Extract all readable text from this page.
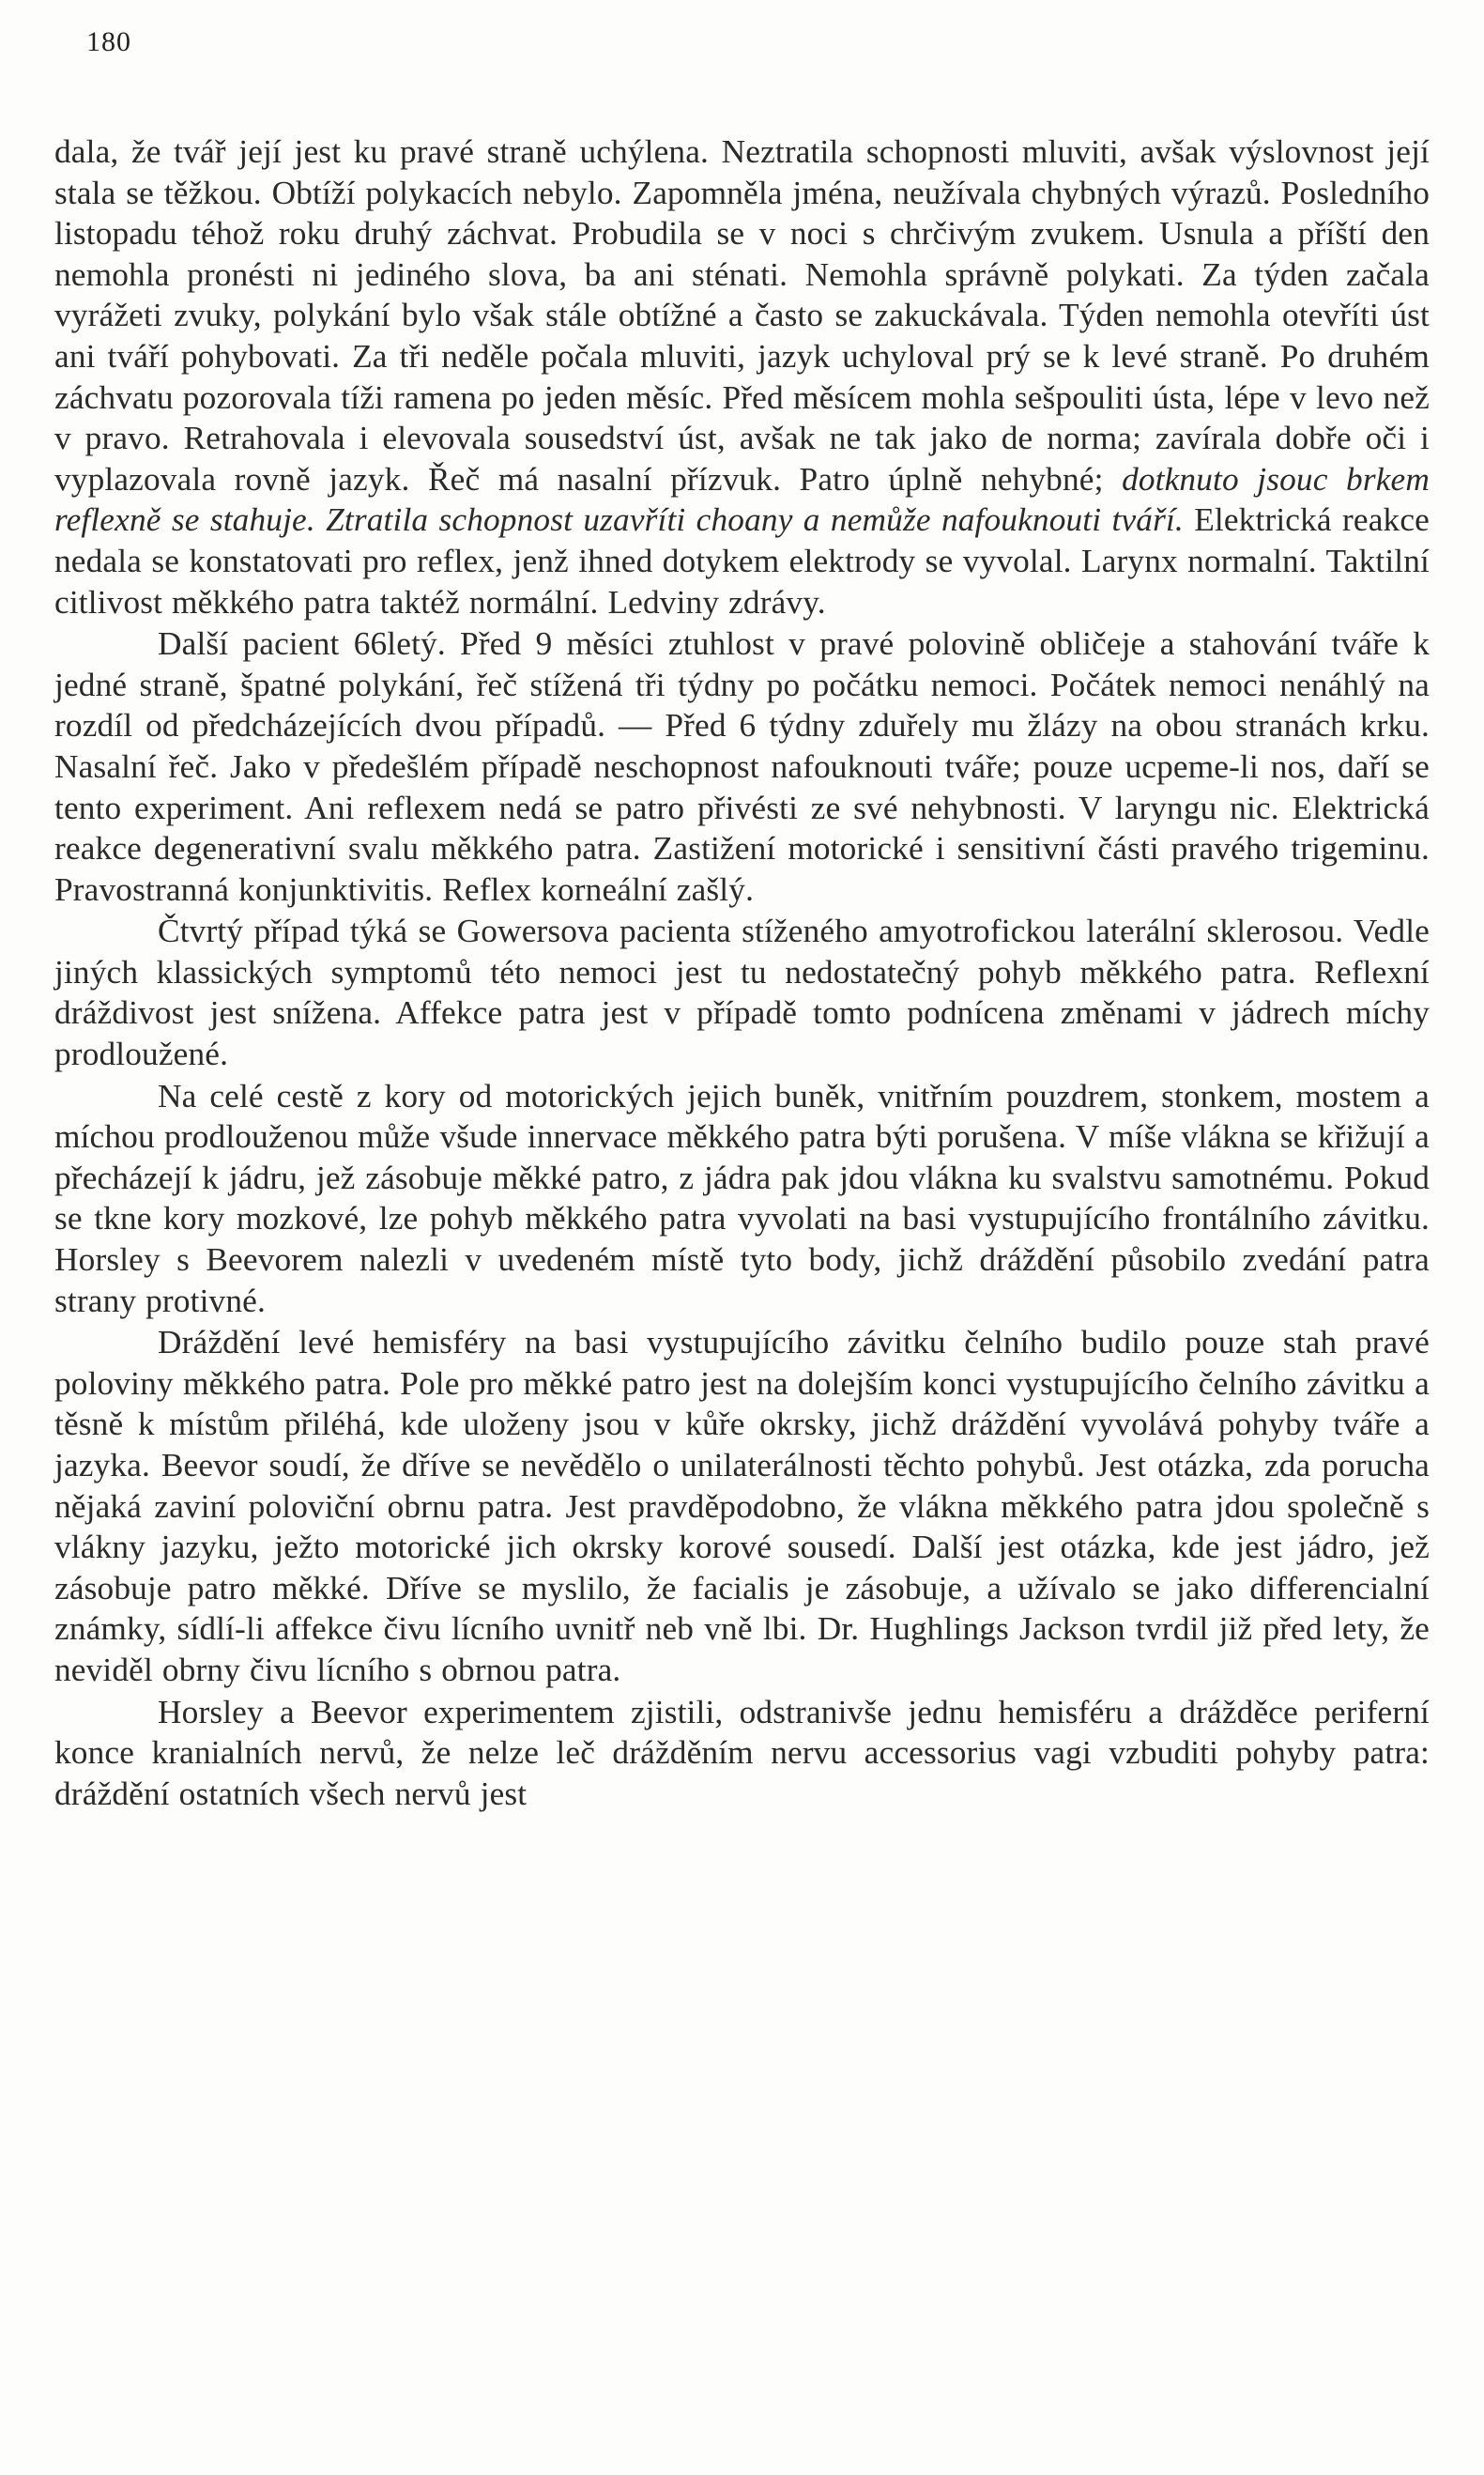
180

dala, že tvář její jest ku pravé straně uchýlena. Neztratila schopnosti mluviti, avšak výslovnost její stala se těžkou. Obtíží polykacích nebylo. Zapomněla jména, neužívala chybných výrazů. Posledního listopadu téhož roku druhý záchvat. Probudila se v noci s chrčivým zvukem. Usnula a příští den nemohla pronésti ni jediného slova, ba ani sténati. Nemohla správně polykati. Za týden začala vyrážeti zvuky, polykání bylo však stále obtížné a často se zakuckávala. Týden nemohla otevříti úst ani tváří pohybovati. Za tři neděle počala mluviti, jazyk uchyloval prý se k levé straně. Po druhém záchvatu pozorovala tíži ramena po jeden měsíc. Před měsícem mohla sešpouliti ústa, lépe v levo než v pravo. Retrahovala i elevovala sousedství úst, avšak ne tak jako de norma; zavírala dobře oči i vyplazovala rovně jazyk. Řeč má nasalní přízvuk. Patro úplně nehybné; dotknuto jsouc brkem reflexně se stahuje. Ztratila schopnost uzavříti choany a nemůže nafouknouti tváří. Elektrická reakce nedala se konstatovati pro reflex, jenž ihned dotykem elektrody se vyvolal. Larynx normalní. Taktilní citlivost měkkého patra taktéž normální. Ledviny zdrávy.

Další pacient 66letý. Před 9 měsíci ztuhlost v pravé polovině obličeje a stahování tváře k jedné straně, špatné polykání, řeč stížená tři týdny po počátku nemoci. Počátek nemoci nenáhlý na rozdíl od předcházejících dvou případů. — Před 6 týdny zduřely mu žlázy na obou stranách krku. Nasalní řeč. Jako v předešlém případě neschopnost nafouknouti tváře; pouze ucpeme-li nos, daří se tento experiment. Ani reflexem nedá se patro přivésti ze své nehybnosti. V laryngu nic. Elektrická reakce degenerativní svalu měkkého patra. Zastižení motorické i sensitivní části pravého trigeminu. Pravostranná konjunktivitis. Reflex korneální zašlý.

Čtvrtý případ týká se Gowersova pacienta stíženého amyotrofickou laterální sklerosou. Vedle jiných klassických symptomů této nemoci jest tu nedostatečný pohyb měkkého patra. Reflexní dráždivost jest snížena. Affekce patra jest v případě tomto podnícena změnami v jádrech míchy prodloužené.

Na celé cestě z kory od motorických jejich buněk, vnitřním pouzdrem, stonkem, mostem a míchou prodlouženou může všude innervace měkkého patra býti porušena. V míše vlákna se křižují a přecházejí k jádru, jež zásobuje měkké patro, z jádra pak jdou vlákna ku svalstvu samotnému. Pokud se tkne kory mozkové, lze pohyb měkkého patra vyvolati na basi vystupujícího frontálního závitku. Horsley s Beevorem nalezli v uvedeném místě tyto body, jichž dráždění působilo zvedání patra strany protivné.

Dráždění levé hemisféry na basi vystupujícího závitku čelního budilo pouze stah pravé poloviny měkkého patra. Pole pro měkké patro jest na dolejším konci vystupujícího čelního závitku a těsně k místům přiléhá, kde uloženy jsou v kůře okrsky, jichž dráždění vyvolává pohyby tváře a jazyka. Beevor soudí, že dříve se nevědělo o unilaterálnosti těchto pohybů. Jest otázka, zda porucha nějaká zaviní poloviční obrnu patra. Jest pravděpodobno, že vlákna měkkého patra jdou společně s vlákny jazyku, ježto motorické jich okrsky korové sousedí. Další jest otázka, kde jest jádro, jež zásobuje patro měkké. Dříve se myslilo, že facialis je zásobuje, a užívalo se jako differencialní známky, sídlí-li affekce čivu lícního uvnitř neb vně lbi. Dr. Hughlings Jackson tvrdil již před lety, že neviděl obrny čivu lícního s obrnou patra.

Horsley a Beevor experimentem zjistili, odstranivše jednu hemisféru a drážděce periferní konce kranialních nervů, že nelze leč drážděním nervu accessorius vagi vzbuditi pohyby patra: dráždění ostatních všech nervů jest
